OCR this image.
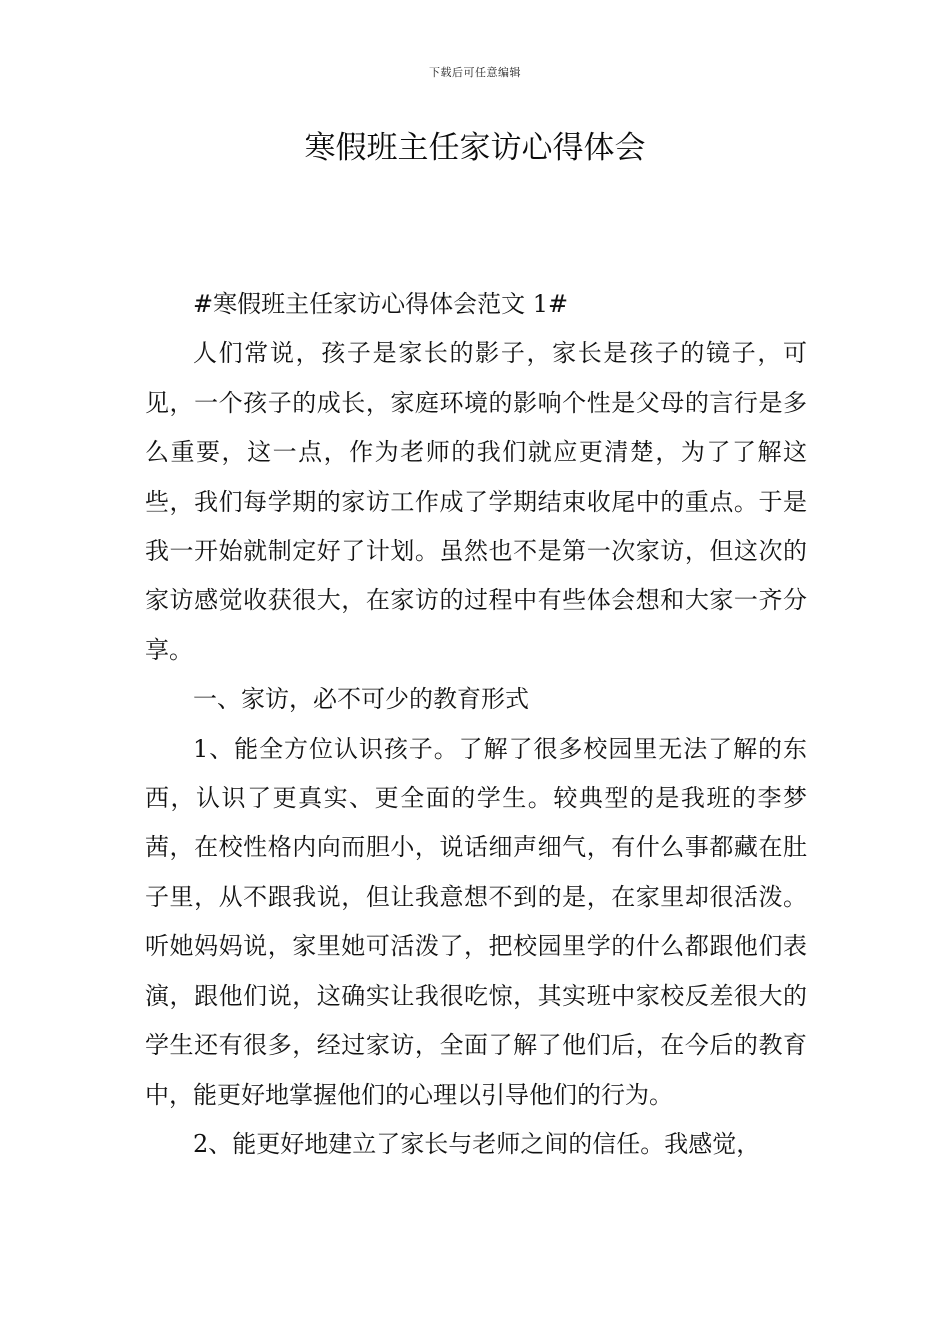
下载后可任意编辑
寒假班主任家访心得体会

#寒假班主任家访心得体会范文 1#

人们常说，孩子是家长的影子，家长是孩子的镜子，可见，一个孩子的成长，家庭环境的影响个性是父母的言行是多么重要，这一点，作为老师的我们就应更清楚，为了了解这些，我们每学期的家访工作成了学期结束收尾中的重点。于是我一开始就制定好了计划。虽然也不是第一次家访，但这次的家访感觉收获很大，在家访的过程中有些体会想和大家一齐分享。

一、家访，必不可少的教育形式

1、能全方位认识孩子。了解了很多校园里无法了解的东西，认识了更真实、更全面的学生。较典型的是我班的李梦茜，在校性格内向而胆小，说话细声细气，有什么事都藏在肚子里，从不跟我说，但让我意想不到的是，在家里却很活泼。听她妈妈说，家里她可活泼了，把校园里学的什么都跟他们表演，跟他们说，这确实让我很吃惊，其实班中家校反差很大的学生还有很多，经过家访，全面了解了他们后，在今后的教育中，能更好地掌握他们的心理以引导他们的行为。

2、能更好地建立了家长与老师之间的信任。我感觉，
